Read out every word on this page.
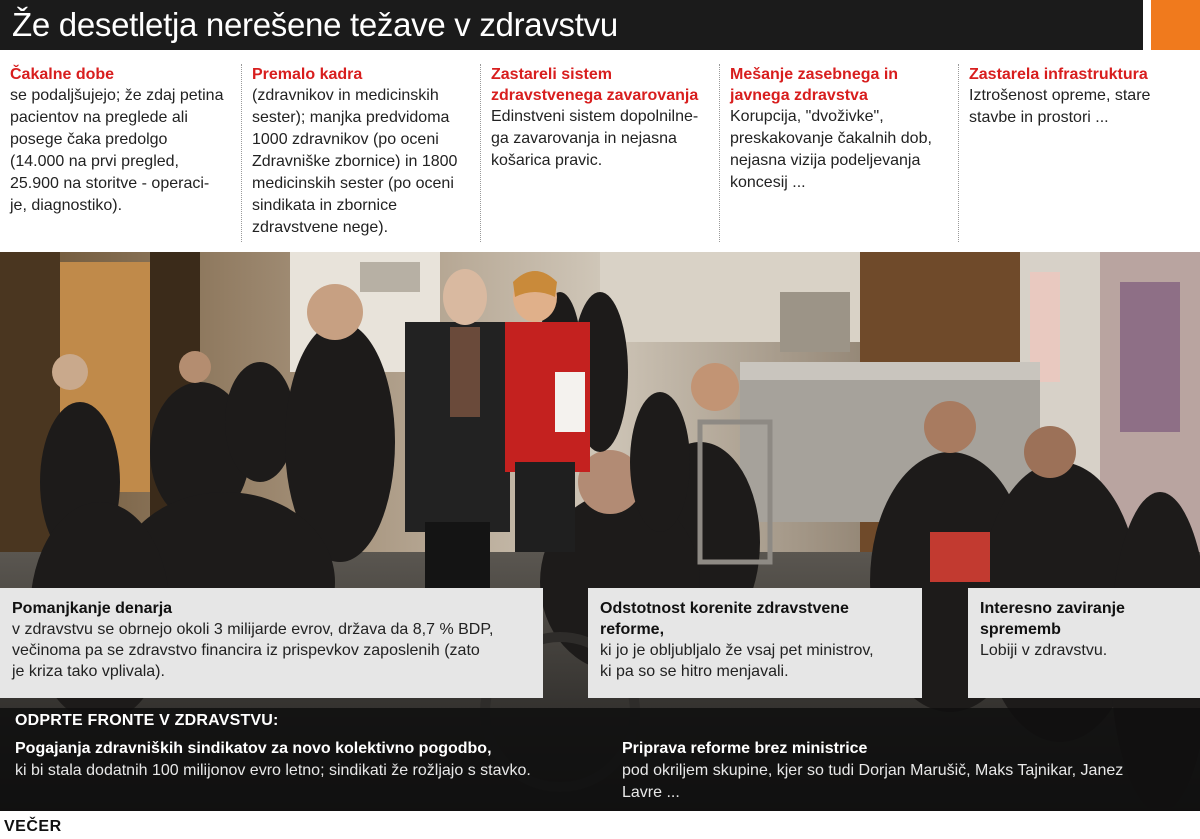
Že desetletja nerešene težave v zdravstvu
Čakalne dobe
se podaljšujejo; že zdaj petina
pacientov na preglede ali
posege čaka predolgo
(14.000 na prvi pregled,
25.900 na storitve - operaci-
je, diagnostiko).
Premalo kadra
(zdravnikov in medicinskih
sester); manjka predvidoma
1000 zdravnikov (po oceni
Zdravniške zbornice) in 1800
medicinskih sester (po oceni
sindikata in zbornice
zdravstvene nege).
Zastareli sistem
zdravstvenega zavarovanja
Edinstveni sistem dopolnilne-
ga zavarovanja in nejasna
košarica pravic.
Mešanje zasebnega in
javnega zdravstva
Korupcija, "dvoživke",
preskakovanje čakalnih dob,
nejasna vizija podeljevanja
koncesij ...
Zastarela infrastruktura
Iztrošenost opreme, stare
stavbe in prostori ...
Pomanjkanje denarja
v zdravstvu se obrnejo okoli 3 milijarde evrov, država da 8,7 % BDP,
večinoma pa se zdravstvo financira iz prispevkov zaposlenih (zato
je kriza tako vplivala).
Odstotnost korenite zdravstvene
reforme,
ki jo je obljubljalo že vsaj pet ministrov,
ki pa so se hitro menjavali.
Interesno zaviranje
sprememb
Lobiji v zdravstvu.
ODPRTE FRONTE V ZDRAVSTVU:
Pogajanja zdravniških sindikatov za novo kolektivno pogodbo,
ki bi stala dodatnih 100 milijonov evro letno; sindikati že rožljajo s stavko.
Priprava reforme brez ministrice
pod okriljem skupine, kjer so tudi Dorjan Marušič, Maks Tajnikar, Janez
Lavre ...
VEČER
